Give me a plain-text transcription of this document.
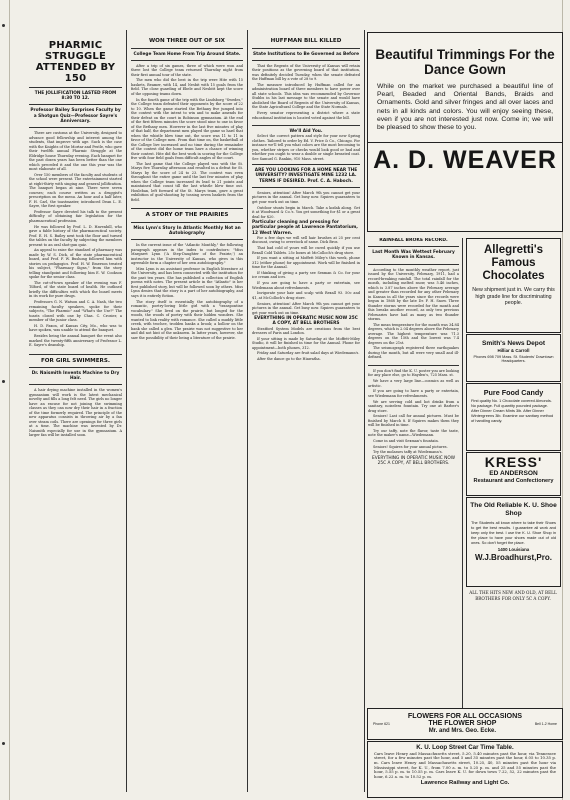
PHARMIC STRUGGLE ATTENDED BY 150
THE JOLLIFICATION LASTED FROM 8:30 TO 12.
Professor Bailey Surprises Faculty by a Shotgun Quiz—Professor Sayre's Anniversary.

There are customs at the University, designed to advance good fellowship and interest among the students, that improve with age. Such is the case with the Knights of the Mortar and Pestle, who gave their twelfth annual Pharmic Struggle at the Eldridge house Thursday evening. Each banquet for the past dozen years has been better than the one which preceded it and the one this year was the most elaborate of all.

Over 150 members of the faculty and students of the school were present. The entertainment started at eight-thirty with singing and general jollification. The banquet began at nine. There were seven courses; each course written as a druggist's prescription on the menu. An hour and a half later, F. H. Carl, the toastmaster, introduced Dean L. E. Sayre, the first speaker.

Professor Sayre devoted his talk to the present difficulty of obtaining fair legislation for the pharmaceutical profession.

He was followed by Prof. L. D. Havenhill, who gave a fable history of the pharmaceutical society. Prof. E. H. S. Bailey next took the floor and turned the tables on the faculty by subjecting the members present to an oral shot-gun quiz.

An appeal to raise the standard of pharmacy was made by W. S. Dick, of the state pharmaceutical board, and Prof. F. W. Bushong followed him with stories on pedagogics. Prof. H. W. Emerson treated his subject, "Pharmacy Signs," from the story telling standpoint and following him E. W. Cookson spoke for the senior class.

The cut-of-town speaker of the evening was F. Tilford, of the state board of health. He outlined briefly the difficulties with which the board meets in its work for pure drugs.

Professors G. N. Watson and C. A. Nash, the two remaining faculty speakers, spoke for their subjects, "The Pharmic" and "What's the Use?" The toasts closed with one by Chas. C. Crosier, a member of the junior class.

H. D. Faxon, of Kansas City, Mo., who was to have spoken, was unable to attend the banquet.

Besides being the annual banquet the event also marked the twenty-fifth anniversary of Professor L. E. Sayre's deanship.

FOR GIRL SWIMMERS.
Dr. Naismith Invents Machine to Dry Hair.

A hair drying machine installed in the women's gymnasium will work is the latest mechanical novelty and fills a long felt need. The girls no longer have an excuse for not joining the swimming classes as they can now dry their hair in a fraction of the time formerly required. The principle of the new apparatus consists in throwing air by a fan over steam coils. There are openings for three girls at a time. The machine was invented by Dr. Naismith especially for use in the gymnasium. A larger fan will be installed soon.

WON THREE OUT OF SIX
College Team Home From Trip Around State.

After a trip of six games, three of which were won and three lost the College team returned Thursday night from their first annual tour of the state.

The men who did the best in the trip were Hite with 15 baskets, Beamer, with 14, and Nesbit with 15 goals from the field. The close guarding of Ebele and Nesbitt kept the score of the opposing teams down.

In the fourth game of the trip with the Lindsborg "Swedes," the College team defeated their opponents by the score of 22 to 10. When the game started the Bethany five jumped into the contest with the intent to win and to make amends for their defeat on the court in Robinson gymnasium. At the end of the first fifteen minutes the score stood nine to one in favor of the Bethany men. However in the last five minutes of play of that half, the department men played the game so hard that when the whistle blew time out, the score was 11 to 11 in favor of the College men. From that time on, the basketball of the College live increased and no time during the remainder of the contest did the home team have a chance of winning their contest. Hite did the best work in scoring for the College five with four field goals from difficult angles of the court.

The last game that the College played was with the St. Marys five Thursday afternoon and resulted in a defeat for St. Marys by the score of 24 to 23. The contest was even throughout the entire game until the last few minutes of play when the College team increased its lead to 21 points and maintained that count till the last whistle blew time out. Houleban, left forward of the St. Marys team, gave a great exhibition of goal-shooting by tossing seven baskets from the field.

A STORY OF THE PRAIRIES
Miss Lynn's Story In Atlantic Monthly Not an Autobiography

In the current issue of the "Atlantic Monthly," the following paragraph appears in the index to contributors: "Miss Margaret Lynn ('A Step-Daughter of the Prairie,') an instructor in the University of Kansas, who gives in this agreeable form a chapter of her own autobiography."

Miss Lynn is an assistant professor in English literature at the University, and has been connected with the institution for the past ten years. She has published a collection of English poems with notes. The present article in the "Atlantic" is her first published story, but will be followed soon by others. Miss Lynn denies that the story is a part of her autobiography, and says it is entirely fiction.

The story itself is essentially the autobiography of a romantic, poetry-loving little girl with a "transpontine vocabulary." She lived on the prairie, but longed for the woods, the woods of poetry with their hidden wonders. She wanted to link reality with romance. She called a muddy little creek, with trochee, trodden banks a brook; a hollow on the bank she called a glen. The prairie was not suggestive to her and did not hint of the unknown. In latter years, however, she saw the possibility of their being a literature of the prairie.

HUFFMAN BILL KILLED
State Institutions to Be Governed as Before

That the Regents of the University of Kansas will retain their positions as the governing board of that institution, was definitely decided Tuesday, when the senate defeated the Huffman bill by a vote of 28 to 9.

The measure introduced by Huffman called for an administration board of three members to have power over all state schools. This idea was recommended by Governor Stubbs in his last message to the senate and would have abolished the Board of Regents of the University of Kansas, the State Agricultural College and the State Normals.

Every senator representing a district where a state educational institution is located voted against the bill.

We'll Aid You.

Select the correct pattern and style for your new Spring clothes. Tailored to order by Ed. V. Price & Co., Chicago. For instance we'll tell you what colors are the most becoming to you, whether stripes or checks would look good or bad and whether you ought to wear a double or single breasted coat. See Samuel G. Rankin, 910 Mass. street.

ARE YOU LOOKING FOR A HOME NEAR THE UNIVERSITY? INVESTIGATE MINE 1232 LA. TERMS IF DESIRED. Prof. C. A. Haboch.

Seniors, attention! After March 9th you cannot get your pictures in the annual. Get busy now. Squires guarantees to get your work out on time.

Outdoor stunts begin in March. Take a kodak along. Get it at Woodward & Co.'s. You get something for $1 or a great deal for $20.

Particular cleaning and pressing for particular people at Lawrence Pantatorium, 12 West Warren.

For a few days we will sell hair brushes at 25 per cent discount, owing to overstock of same. Dick Bros.

That bad cold of yours will be cured quickly if you use Rexall Cold Tablets. 25c boxes at McColloch's drug store.

If you want a sitting at Moffett Miley's this week, phone 312 (either phone) for appointment. Work will be finished in time for the Annual.

If thinking of giving a party see Sexman & Co. for your ice cream and ices.

If you are going to have a party or entertain, see Wiedemann about refreshments.

Invigorate your hair and scalp with Rexall 93. 50c and $1, at McColloch's drug store.

Seniors, attention! After March 9th you cannot get your pictures in the annual. Get busy now. Squires guarantees to get your work out on time.

EVERYTHING IN OPERATIC MUSIC NOW 25C A COPY, AT BELL BROTHERS

Stratford System Models are creations from the best dressers of Paris and London.

If your sitting is made by Saturday at the Moffett-Miley Studio, it will be finished in time for the Annual. Phone for appointment—both phones, 312.

Friday and Saturday are fruit salad days at Wiedemann's.

After the dance go to the Hiawatha.

Beautiful Trimmings For the Dance Gown
While on the market we purchased a beautiful line of Pearl, Beaded and Oriental Bands, Braids and Ornaments. Gold and silver fringes and all over laces and nets in all kinds and colors. You will enjoy seeing these, even if you are not interested just now. Come in; we will be pleased to show these to you.
A. D. WEAVER
RAINFALL BROKE RECORD.
Last Month Was Wettest February Known in Kansas.

According to the monthly weather report, just issued by the University, February, 1911, had a record-breaking rainfall. The total rainfall for the month, including melted snow, was 5.46 inches, which is 3.87 inches above the February average and greater than recorded for any other February in Kansas in all the years since the records were begun in 1868 by the late Dr. F. H. Snow. Three thunder storms were recorded for the month and this breaks another record, as only two previous Februaries have had as many as two thunder storms.

The mean temperature for the month was 34.84 degrees, which is 2.04 degrees above the February average. The highest temperature was 71.3 degrees on the 15th and the lowest was 7.4 degrees on the 21st.

The seismograph registered three earthquakes during the month, but all were very small and ill-defined.

If you don't find the K. U. poster you are looking for any place else, go to Hayden's, 725 Mass. st.

We have a very large line—cosmics as well as artistic.

If you are going to have a party or entertain, see Wiedemann for refreshments.

We are serving cold and hot drinks from a sanitary, noiseless fountain. Try one at Barber's drug store.

Seniors! Last call for annual pictures. Must be finished by March 8. If Squires makes them they will be finished in time.

Try our taffy, note the flavor, taste the taste, note the maker's name—Wiedemann.

Come in and visit Sexman's fountain.

Seniors! Squires for your annual pictures.

Try the molasses taffy at Wiedemann's.

EVERYTHING IN OPERATIC MUSIC NOW 25C A COPY, AT BELL BROTHERS.
Allegretti's Famous Chocolates
New shipment just in. We carry this high grade line for discriminating people.
Smith's News Depot
Hilliar & Carroll
Phones 698 709 Mass. St. Students' Downtown Headquarters.
Pure Food Candy
First quality No. 1 Chocolate covered Almonds. No package. Full quantity pounded package. After Dinner Cream Mints 3lb. After Dinner Wintergreens 3lb. Examine our sanitary method of handling candy.
KRESS'
ED ANDERSON
Restaurant and Confectionery
The Old Reliable K. U. Shoe Shop
The Students all know where to take their Shoes to get the best results. I guarantee all work and keep only the best. I use the K. U. Shoe Shop in the place to have your shoes made out of old ones. So don't forget the place.
1400 Louisiana
W.J.Broadhurst,Pro.
ALL THE HITS NEW AND OLD, AT BELL BROTHERS FOR ONLY 5C A COPY.
FLOWERS FOR ALL OCCASIONS
Phone 621	THE FLOWER SHOP
Mr. and Mrs. Geo. Ecke.
Bell 1-2 Home
K. U. Loop Street Car Time Table.
Cars leave Henry and Massachusetts street, 5.20, 5.40 minutes past the hour, via Tennessee street, for a few minutes past the hour, and 5 and 35 minutes past the hour, 6.05 to 10.35 p. m. Cars leave Henry and Massachusetts street, 10.25, 40, 55 minutes past the hour via Mississippi street, for K. U., from 7.00 a. m. to 5.25 p. m. and 25 and 55 minutes past the hour, 5.55 p. m. to 10.55 p. m. Cars leave K. U. for down town 7.22, 52, 22 minutes past the hour, 6.22 a. m. to 10.52 p. m.
Lawrence Railway and Light Co.
